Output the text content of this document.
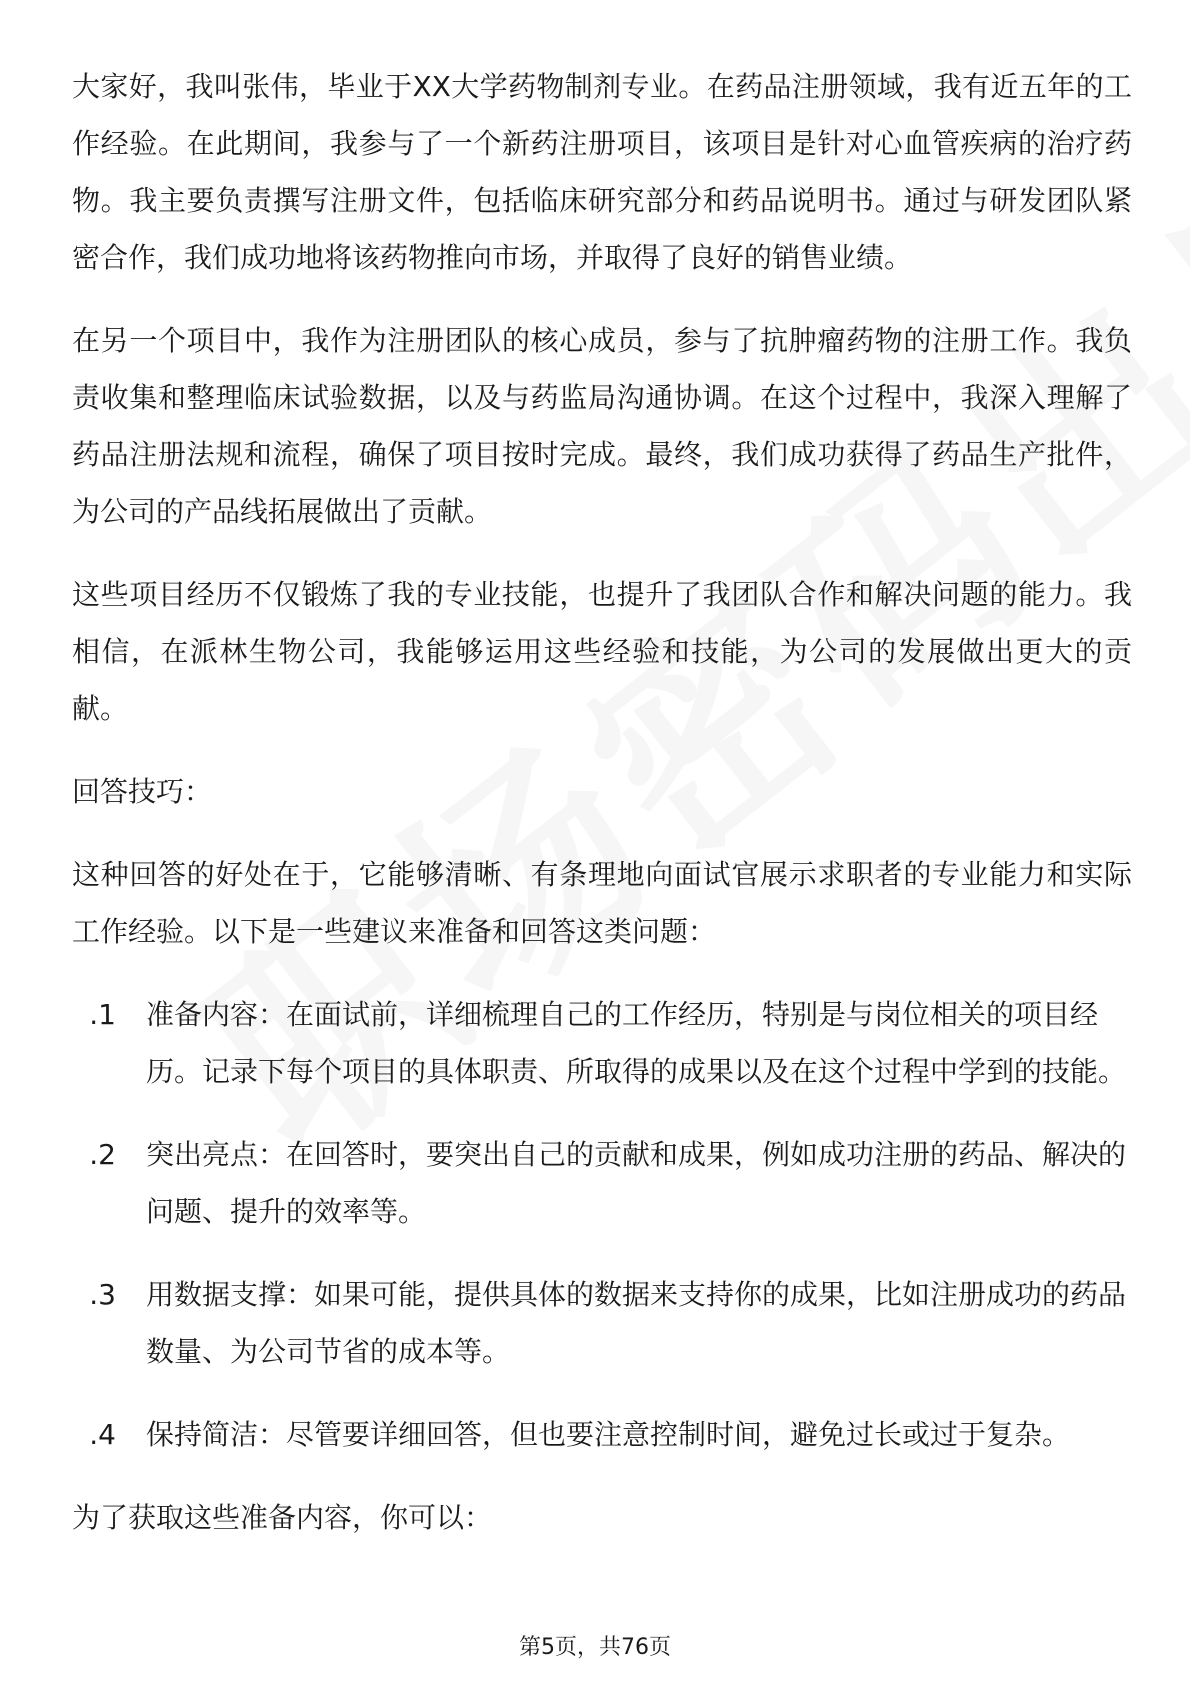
大家好，我叫张伟，毕业于XX大学药物制剂专业。在药品注册领域，我有近五年的工作经验。在此期间，我参与了一个新药注册项目，该项目是针对心血管疾病的治疗药物。我主要负责撰写注册文件，包括临床研究部分和药品说明书。通过与研发团队紧密合作，我们成功地将该药物推向市场，并取得了良好的销售业绩。

在另一个项目中，我作为注册团队的核心成员，参与了抗肿瘤药物的注册工作。我负责收集和整理临床试验数据，以及与药监局沟通协调。在这个过程中，我深入理解了药品注册法规和流程，确保了项目按时完成。最终，我们成功获得了药品生产批件，为公司的产品线拓展做出了贡献。

这些项目经历不仅锻炼了我的专业技能，也提升了我团队合作和解决问题的能力。我相信，在派林生物公司，我能够运用这些经验和技能，为公司的发展做出更大的贡献。

回答技巧：

这种回答的好处在于，它能够清晰、有条理地向面试官展示求职者的专业能力和实际工作经验。以下是一些建议来准备和回答这类问题：

1.	准备内容：在面试前，详细梳理自己的工作经历，特别是与岗位相关的项目经历。记录下每个项目的具体职责、所取得的成果以及在这个过程中学到的技能。
2.	突出亮点：在回答时，要突出自己的贡献和成果，例如成功注册的药品、解决的问题、提升的效率等。
3.	用数据支撑：如果可能，提供具体的数据来支持你的成果，比如注册成功的药品数量、为公司节省的成本等。
4.	保持简洁：尽管要详细回答，但也要注意控制时间，避免过长或过于复杂。

为了获取这些准备内容，你可以：

第5页，共76页
